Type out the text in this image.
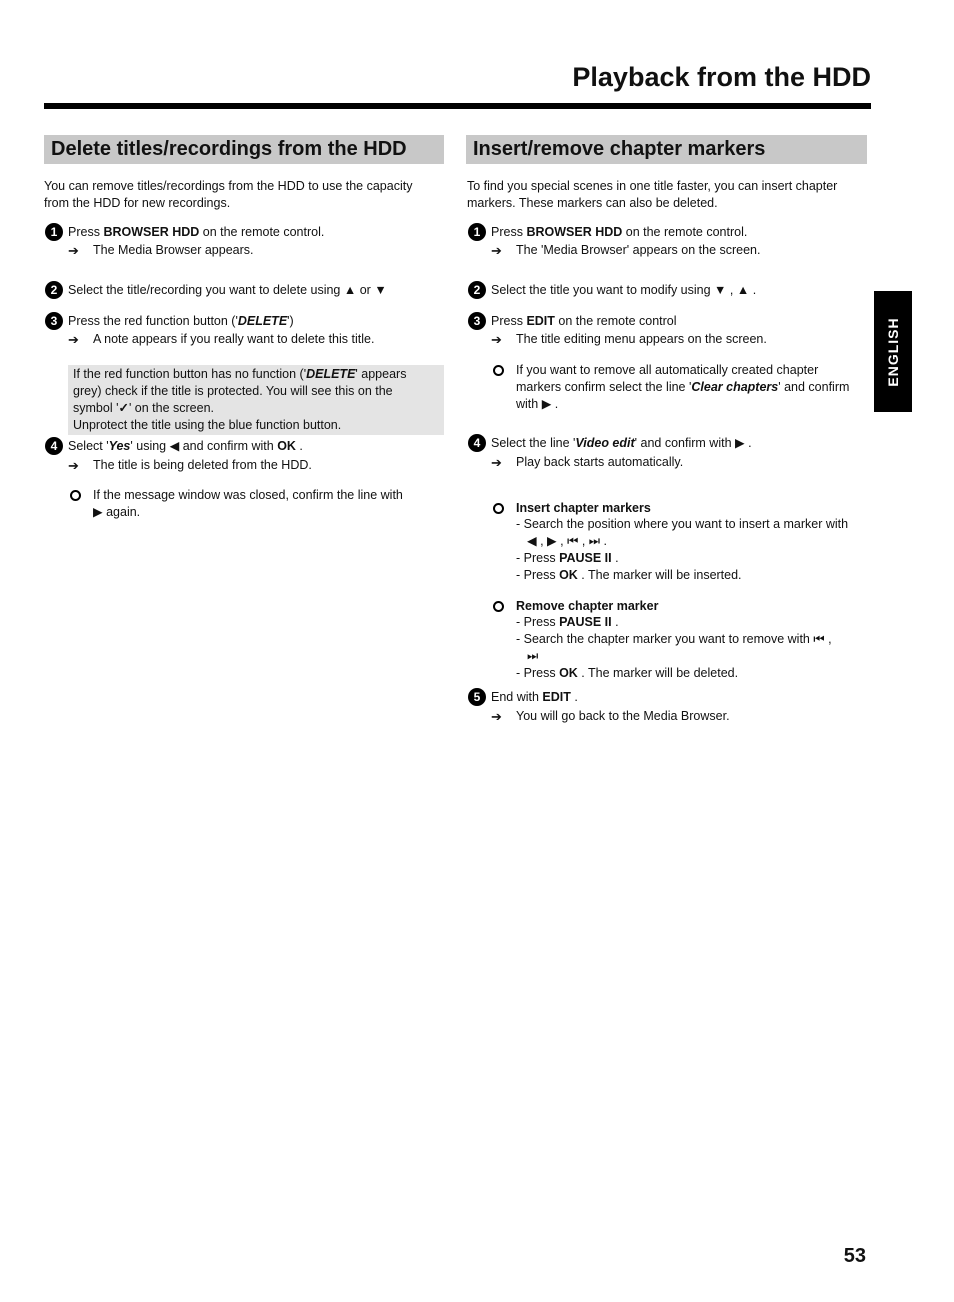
Playback from the HDD
Delete titles/recordings from the HDD
You can remove titles/recordings from the HDD to use the capacity
from the HDD for new recordings.
1 Press BROWSER HDD on the remote control.
➔ The Media Browser appears.
2 Select the title/recording you want to delete using ▲ or ▼
3 Press the red function button ('DELETE')
➔ A note appears if you really want to delete this title.
If the red function button has no function ('DELETE' appears
grey) check if the title is protected. You will see this on the
symbol '✓' on the screen.
Unprotect the title using the blue function button.
4 Select 'Yes' using ◀ and confirm with OK .
➔ The title is being deleted from the HDD.
If the message window was closed, confirm the line with
▶ again.
Insert/remove chapter markers
To find you special scenes in one title faster, you can insert chapter
markers. These markers can also be deleted.
1 Press BROWSER HDD on the remote control.
➔ The 'Media Browser' appears on the screen.
2 Select the title you want to modify using ▼ , ▲ .
3 Press EDIT on the remote control
➔ The title editing menu appears on the screen.
If you want to remove all automatically created chapter
markers confirm select the line 'Clear chapters' and confirm
with ▶ .
4 Select the line 'Video edit' and confirm with ▶ .
➔ Play back starts automatically.
Insert chapter markers
- Search the position where you want to insert a marker with
◀ , ▶ , ⏮ , ⏭ .
- Press PAUSE II .
- Press OK . The marker will be inserted.
Remove chapter marker
- Press PAUSE II .
- Search the chapter marker you want to remove with ⏮ ,
⏭
- Press OK . The marker will be deleted.
5 End with EDIT .
➔ You will go back to the Media Browser.
ENGLISH
53
